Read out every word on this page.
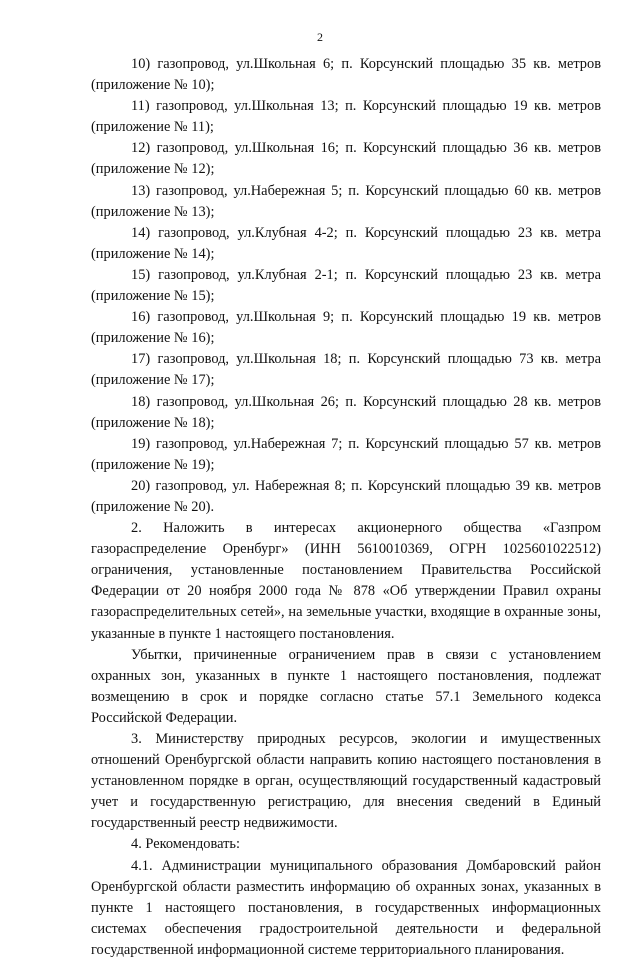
2

10) газопровод, ул.Школьная 6; п. Корсунский площадью 35 кв. метров (приложение № 10);

11) газопровод, ул.Школьная 13; п. Корсунский площадью 19 кв. метров (приложение № 11);

12) газопровод, ул.Школьная 16; п. Корсунский площадью 36 кв. метров (приложение № 12);

13) газопровод, ул.Набережная 5; п. Корсунский площадью 60 кв. метров (приложение № 13);

14) газопровод, ул.Клубная 4-2; п. Корсунский площадью 23 кв. метра (приложение № 14);

15) газопровод, ул.Клубная 2-1; п. Корсунский площадью 23 кв. метра (приложение № 15);

16) газопровод, ул.Школьная 9; п. Корсунский площадью 19 кв. метров (приложение № 16);

17) газопровод, ул.Школьная 18; п. Корсунский площадью 73 кв. метра (приложение № 17);

18) газопровод, ул.Школьная 26; п. Корсунский площадью 28 кв. метров (приложение № 18);

19) газопровод, ул.Набережная 7; п. Корсунский площадью 57 кв. метров (приложение № 19);

20) газопровод, ул. Набережная 8; п. Корсунский площадью 39 кв. метров (приложение № 20).

2. Наложить в интересах акционерного общества «Газпром газораспределение Оренбург» (ИНН 5610010369, ОГРН 1025601022512) ограничения, установленные постановлением Правительства Российской Федерации от 20 ноября 2000 года № 878 «Об утверждении Правил охраны газораспределительных сетей», на земельные участки, входящие в охранные зоны, указанные в пункте 1 настоящего постановления.

Убытки, причиненные ограничением прав в связи с установлением охранных зон, указанных в пункте 1 настоящего постановления, подлежат возмещению в срок и порядке согласно статье 57.1 Земельного кодекса Российской Федерации.

3. Министерству природных ресурсов, экологии и имущественных отношений Оренбургской области направить копию настоящего постановления в установленном порядке в орган, осуществляющий государственный кадастровый учет и государственную регистрацию, для внесения сведений в Единый государственный реестр недвижимости.

4. Рекомендовать:

4.1. Администрации муниципального образования Домбаровский район Оренбургской области разместить информацию об охранных зонах, указанных в пункте 1 настоящего постановления, в государственных информационных системах обеспечения градостроительной деятельности и федеральной государственной информационной системе территориального планирования.
